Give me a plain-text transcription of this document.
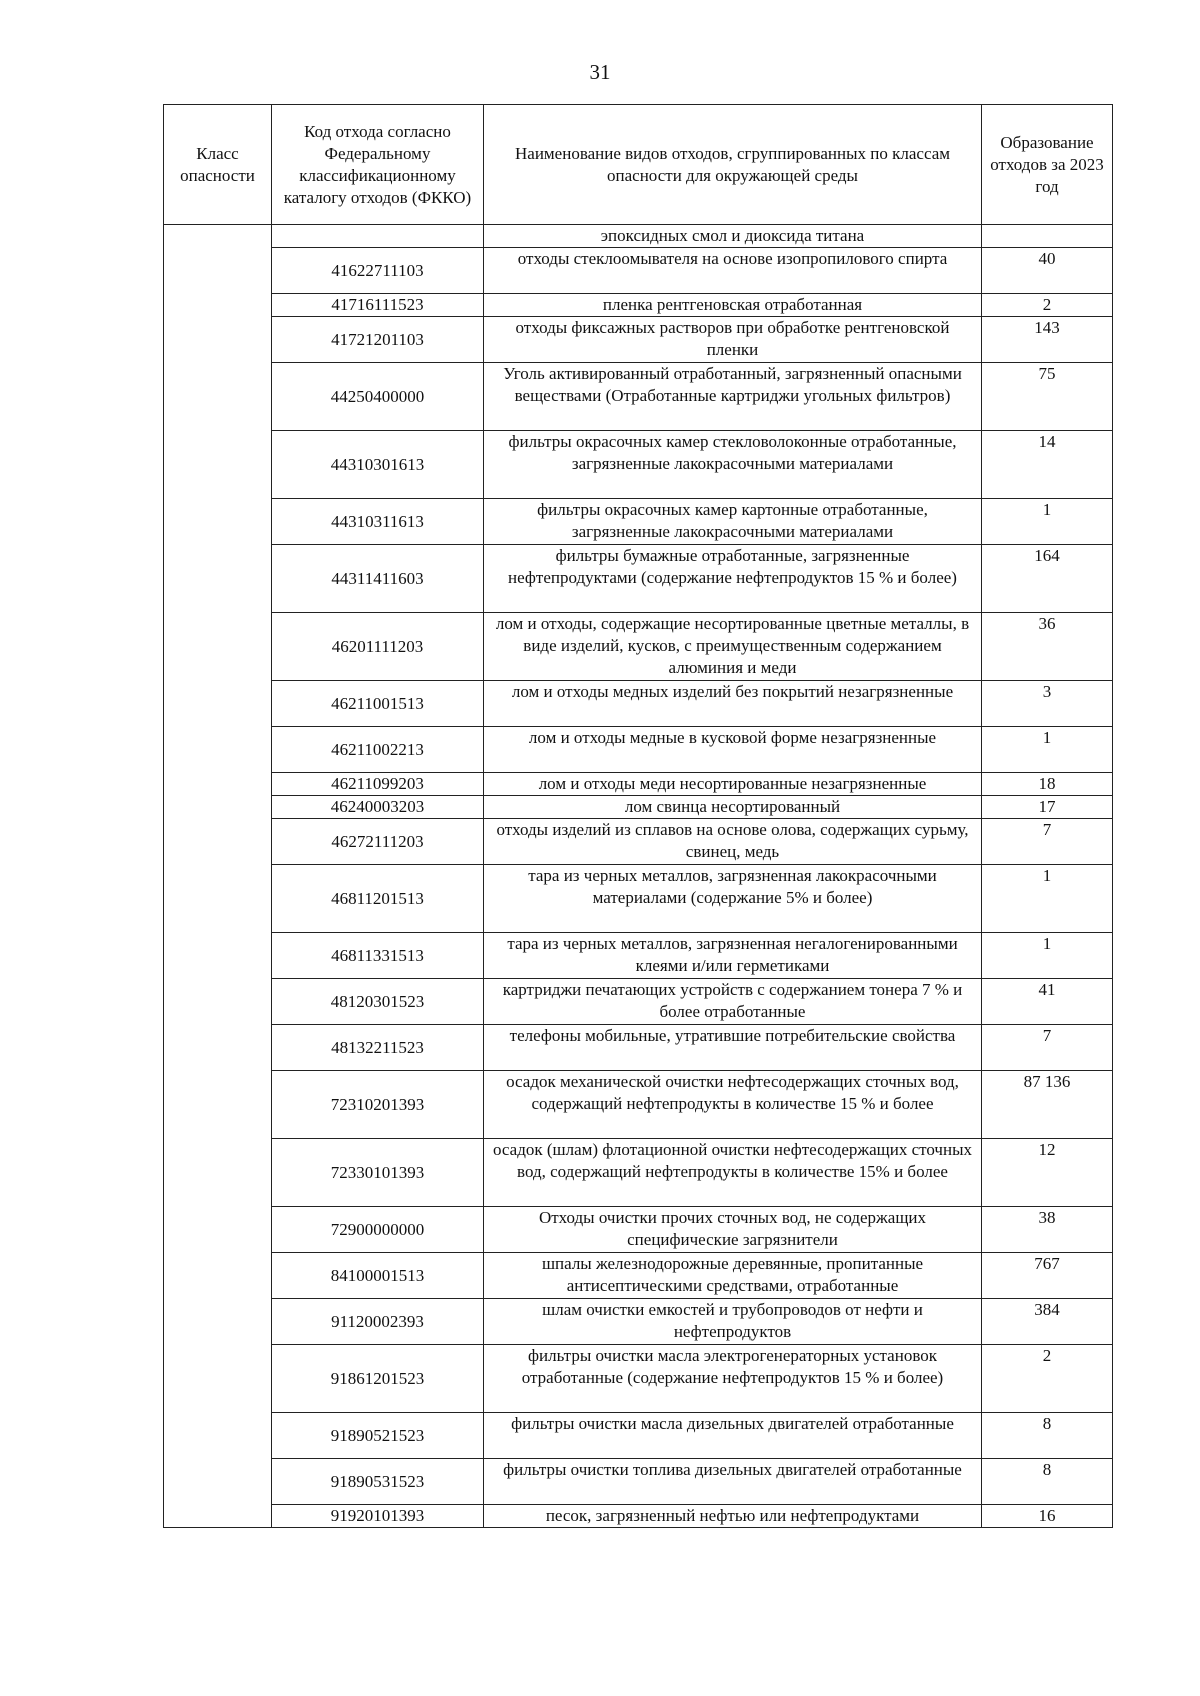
31
Класс опасности	Код отхода согласно Федеральному классификационному каталогу отходов (ФККО)	Наименование видов отходов, сгруппированных по классам опасности для окружающей среды	Образование отходов за 2023 год
		эпоксидных смол и диоксида титана	
	41622711103	отходы стеклоомывателя на основе изопропилового спирта	40
	41716111523	пленка рентгеновская отработанная	2
	41721201103	отходы фиксажных растворов при обработке рентгеновской пленки	143
	44250400000	Уголь активированный отработанный, загрязненный опасными веществами (Отработанные картриджи угольных фильтров)	75
	44310301613	фильтры окрасочных камер стекловолоконные отработанные, загрязненные лакокрасочными материалами	14
	44310311613	фильтры окрасочных камер картонные отработанные, загрязненные лакокрасочными материалами	1
	44311411603	фильтры бумажные отработанные, загрязненные нефтепродуктами (содержание нефтепродуктов 15 % и более)	164
	46201111203	лом и отходы, содержащие несортированные цветные металлы, в виде изделий, кусков, с преимущественным содержанием алюминия и меди	36
	46211001513	лом и отходы медных изделий без покрытий незагрязненные	3
	46211002213	лом и отходы медные в кусковой форме незагрязненные	1
	46211099203	лом и отходы меди несортированные незагрязненные	18
	46240003203	лом свинца несортированный	17
	46272111203	отходы изделий из сплавов на основе олова, содержащих сурьму, свинец, медь	7
	46811201513	тара из черных металлов, загрязненная лакокрасочными материалами (содержание 5% и более)	1
	46811331513	тара из черных металлов, загрязненная негалогенированными клеями и/или герметиками	1
	48120301523	картриджи печатающих устройств с содержанием тонера 7 % и более отработанные	41
	48132211523	телефоны мобильные, утратившие потребительские свойства	7
	72310201393	осадок механической очистки нефтесодержащих сточных вод, содержащий нефтепродукты в количестве 15 % и более	87 136
	72330101393	осадок (шлам) флотационной очистки нефтесодержащих сточных вод, содержащий нефтепродукты в количестве 15% и более	12
	72900000000	Отходы очистки прочих сточных вод, не содержащих специфические загрязнители	38
	84100001513	шпалы железнодорожные деревянные, пропитанные антисептическими средствами, отработанные	767
	91120002393	шлам очистки емкостей и трубопроводов от нефти и нефтепродуктов	384
	91861201523	фильтры очистки масла электрогенераторных установок отработанные (содержание нефтепродуктов 15 % и более)	2
	91890521523	фильтры очистки масла дизельных двигателей отработанные	8
	91890531523	фильтры очистки топлива дизельных двигателей отработанные	8
	91920101393	песок, загрязненный нефтью или нефтепродуктами	16
